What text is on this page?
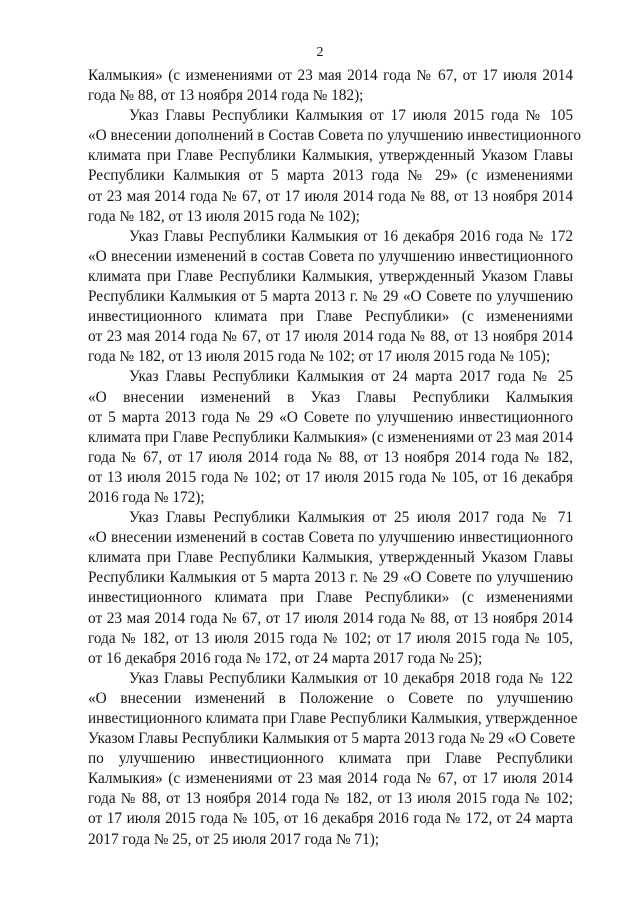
2
Калмыкия» (с изменениями от 23 мая 2014 года № 67, от 17 июля 2014
года № 88, от 13 ноября 2014 года № 182);
Указ Главы Республики Калмыкия от 17 июля 2015 года № 105
«О внесении дополнений в Состав Совета по улучшению инвестиционного
климата при Главе Республики Калмыкия, утвержденный Указом Главы
Республики Калмыкия от 5 марта 2013 года № 29» (с изменениями
от 23 мая 2014 года № 67, от 17 июля 2014 года № 88, от 13 ноября 2014
года № 182, от 13 июля 2015 года № 102);
Указ Главы Республики Калмыкия от 16 декабря 2016 года № 172
«О внесении изменений в состав Совета по улучшению инвестиционного
климата при Главе Республики Калмыкия, утвержденный Указом Главы
Республики Калмыкия от 5 марта 2013 г. № 29 «О Совете по улучшению
инвестиционного климата при Главе Республики» (с изменениями
от 23 мая 2014 года № 67, от 17 июля 2014 года № 88, от 13 ноября 2014
года № 182, от 13 июля 2015 года № 102; от 17 июля 2015 года № 105);
Указ Главы Республики Калмыкия от 24 марта 2017 года № 25
«О внесении изменений в Указ Главы Республики Калмыкия
от 5 марта 2013 года № 29 «О Совете по улучшению инвестиционного
климата при Главе Республики Калмыкия» (с изменениями от 23 мая 2014
года № 67, от 17 июля 2014 года № 88, от 13 ноября 2014 года № 182,
от 13 июля 2015 года № 102; от 17 июля 2015 года № 105, от 16 декабря
2016 года № 172);
Указ Главы Республики Калмыкия от 25 июля 2017 года № 71
«О внесении изменений в состав Совета по улучшению инвестиционного
климата при Главе Республики Калмыкия, утвержденный Указом Главы
Республики Калмыкия от 5 марта 2013 г. № 29 «О Совете по улучшению
инвестиционного климата при Главе Республики» (с изменениями
от 23 мая 2014 года № 67, от 17 июля 2014 года № 88, от 13 ноября 2014
года № 182, от 13 июля 2015 года № 102; от 17 июля 2015 года № 105,
от 16 декабря 2016 года № 172, от 24 марта 2017 года № 25);
Указ Главы Республики Калмыкия от 10 декабря 2018 года № 122
«О внесении изменений в Положение о Совете по улучшению
инвестиционного климата при Главе Республики Калмыкия, утвержденное
Указом Главы Республики Калмыкия от 5 марта 2013 года № 29 «О Совете
по улучшению инвестиционного климата при Главе Республики
Калмыкия» (с изменениями от 23 мая 2014 года № 67, от 17 июля 2014
года № 88, от 13 ноября 2014 года № 182, от 13 июля 2015 года № 102;
от 17 июля 2015 года № 105, от 16 декабря 2016 года № 172, от 24 марта
2017 года № 25, от 25 июля 2017 года № 71);
